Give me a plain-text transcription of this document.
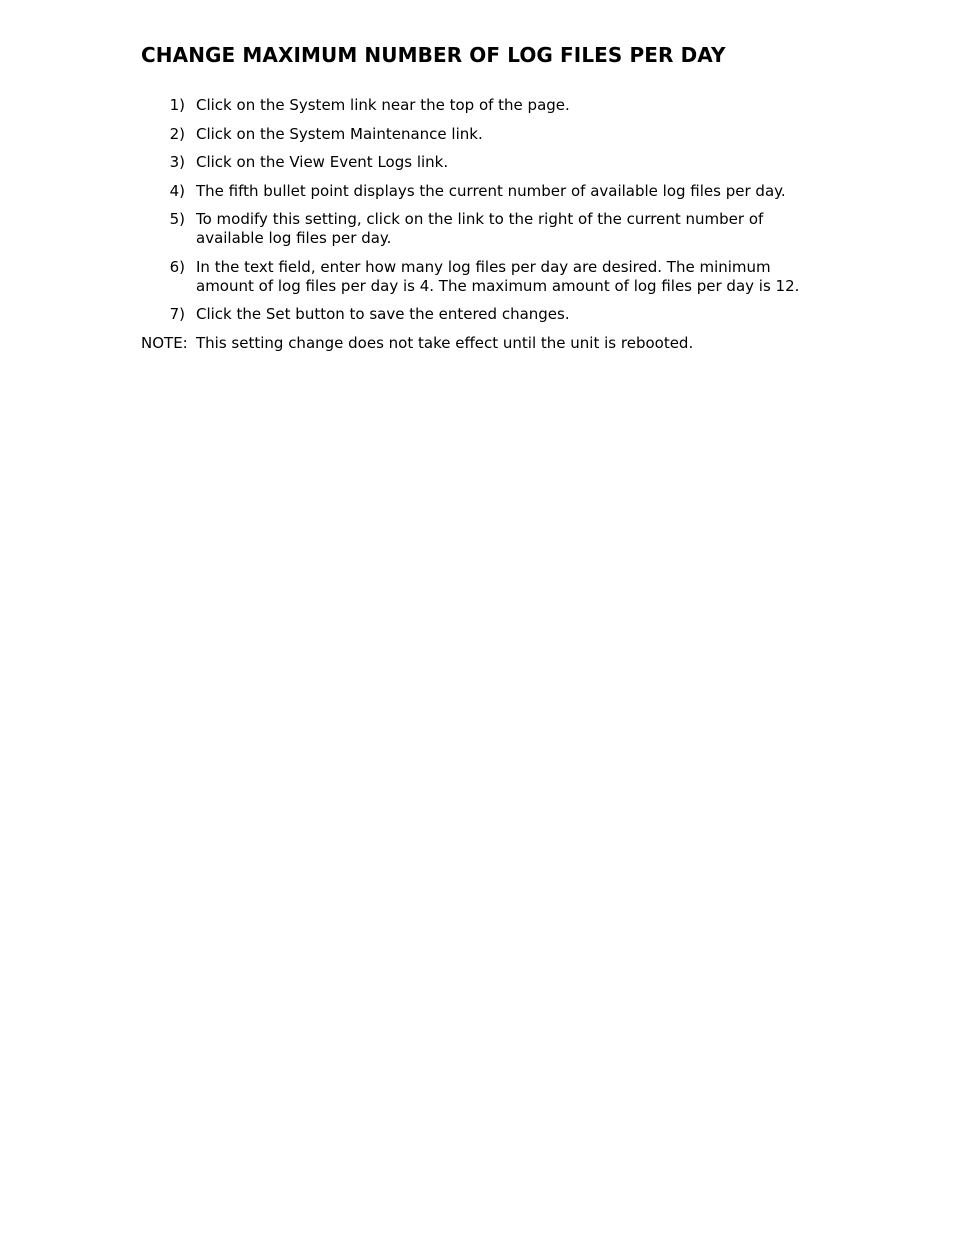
CHANGE MAXIMUM NUMBER OF LOG FILES PER DAY
1) Click on the System link near the top of the page.
2) Click on the System Maintenance link.
3) Click on the View Event Logs link.
4) The fifth bullet point displays the current number of available log files per day.
5) To modify this setting, click on the link to the right of the current number of available log files per day.
6) In the text field, enter how many log files per day are desired. The minimum amount of log files per day is 4. The maximum amount of log files per day is 12.
7) Click the Set button to save the entered changes.
NOTE: This setting change does not take effect until the unit is rebooted.
